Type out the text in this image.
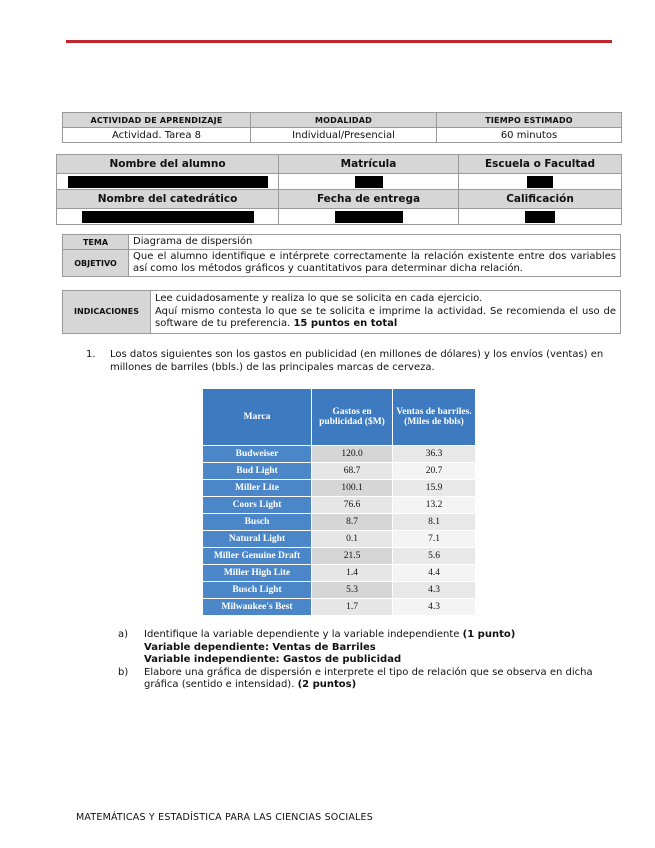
ACTIVIDAD DE APRENDIZAJE	MODALIDAD	TIEMPO ESTIMADO
Actividad. Tarea 8	Individual/Presencial	60 minutos
Nombre del alumno	Matrícula	Escuela o Facultad

Nombre del catedrático	Fecha de entrega	Calificación

TEMA	Diagrama de dispersión
OBJETIVO	Que el alumno identifique e intérprete correctamente la relación existente entre dos variables así como los métodos gráficos y cuantitativos para determinar dicha relación.
INDICACIONES	
Lee cuidadosamente y realiza lo que se solicita en cada ejercicio.
Aquí mismo contesta lo que se te solicita e imprime la actividad. Se recomienda el uso de software de tu preferencia. 15 puntos en total
1. Los datos siguientes son los gastos en publicidad (en millones de dólares) y los envíos (ventas) en millones de barriles (bbls.) de las principales marcas de cerveza.
Marca	Gastos en publicidad ($M)	Ventas de barriles. (Miles de bbls)
Budweiser	120.0	36.3
Bud Light	68.7	20.7
Miller Lite	100.1	15.9
Coors Light	76.6	13.2
Busch	8.7	8.1
Natural Light	0.1	7.1
Miller Genuine Draft	21.5	5.6
Miller High Lite	1.4	4.4
Busch Light	5.3	4.3
Milwaukee's Best	1.7	4.3
a) Identifique la variable dependiente y la variable independiente (1 punto)
Variable dependiente: Ventas de Barriles
Variable independiente: Gastos de publicidad
b) Elabore una gráfica de dispersión e interprete el tipo de relación que se observa en dicha gráfica (sentido e intensidad). (2 puntos)
MATEMÁTICAS Y ESTADÍSTICA PARA LAS CIENCIAS SOCIALES
